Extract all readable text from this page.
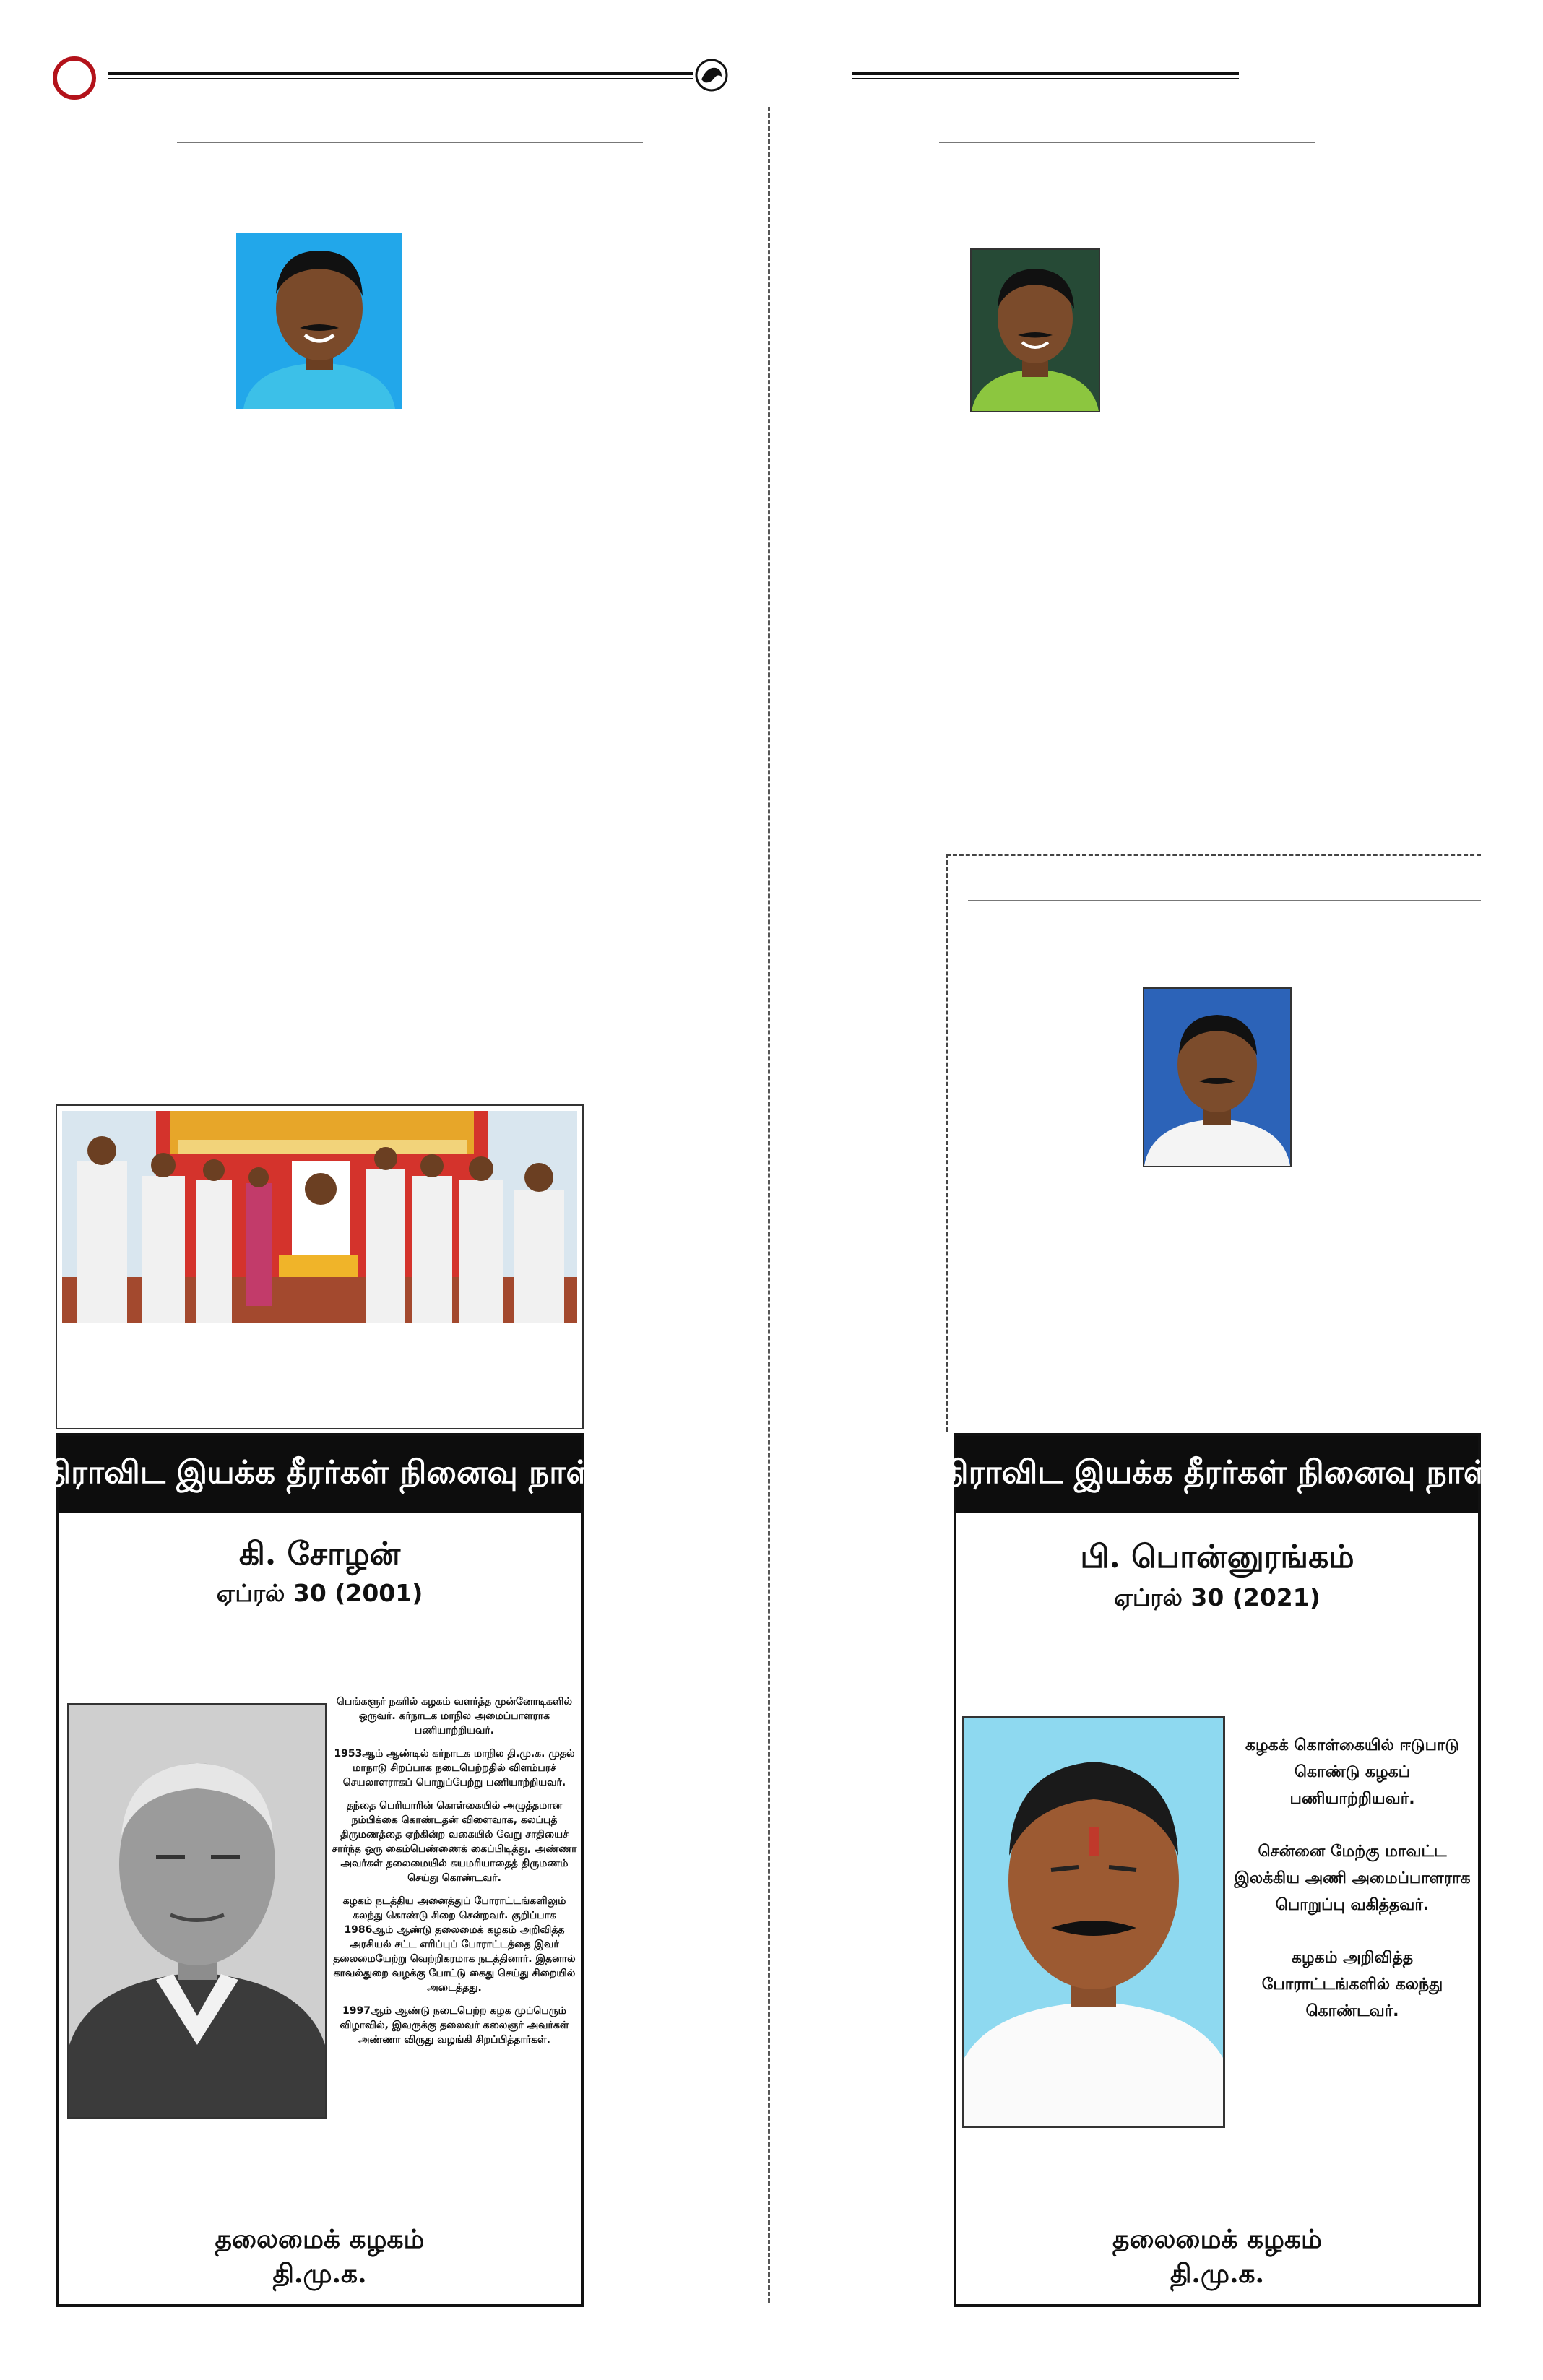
திராவிட இயக்க தீரர்கள் நினைவு நாள்
கி. சோழன்
ஏப்ரல் 30 (2001)

பெங்களூர் நகரில் கழகம் வளர்த்த முன்னோடிகளில் ஒருவர். கர்நாடக மாநில அமைப்பாளராக பணியாற்றியவர்.

1953ஆம் ஆண்டில் கர்நாடக மாநில தி.மு.க. முதல் மாநாடு சிறப்பாக நடைபெற்றதில் விளம்பரச் செயலாளராகப் பொறுப்பேற்று பணியாற்றியவர்.

தந்தை பெரியாரின் கொள்கையில் அழுத்தமான நம்பிக்கை கொண்டதன் விளைவாக, கலப்புத் திருமணத்தை ஏற்கின்ற வகையில் வேறு சாதியைச் சார்ந்த ஒரு கைம்பெண்ணைக் கைப்பிடித்து, அண்ணா அவர்கள் தலைமையில் சுயமரியாதைத் திருமணம் செய்து கொண்டவர்.

கழகம் நடத்திய அனைத்துப் போராட்டங்களிலும் கலந்து கொண்டு சிறை சென்றவர். குறிப்பாக 1986ஆம் ஆண்டு தலைமைக் கழகம் அறிவித்த அரசியல் சட்ட எரிப்புப் போராட்டத்தை இவர் தலைமையேற்று வெற்றிகரமாக நடத்தினார். இதனால் காவல்துறை வழக்கு போட்டு கைது செய்து சிறையில் அடைத்தது.

1997ஆம் ஆண்டு நடைபெற்ற கழக முப்பெரும் விழாவில், இவருக்கு தலைவர் கலைஞர் அவர்கள் அண்ணா விருது வழங்கி சிறப்பித்தார்கள்.

தலைமைக் கழகம்
தி.மு.க.
திராவிட இயக்க தீரர்கள் நினைவு நாள்
பி. பொன்னுரங்கம்
ஏப்ரல் 30 (2021)

கழகக் கொள்கையில் ஈடுபாடு கொண்டு கழகப் பணியாற்றியவர்.

சென்னை மேற்கு மாவட்ட இலக்கிய அணி அமைப்பாளராக பொறுப்பு வகித்தவர்.

கழகம் அறிவித்த போராட்டங்களில் கலந்து கொண்டவர்.

தலைமைக் கழகம்
தி.மு.க.
